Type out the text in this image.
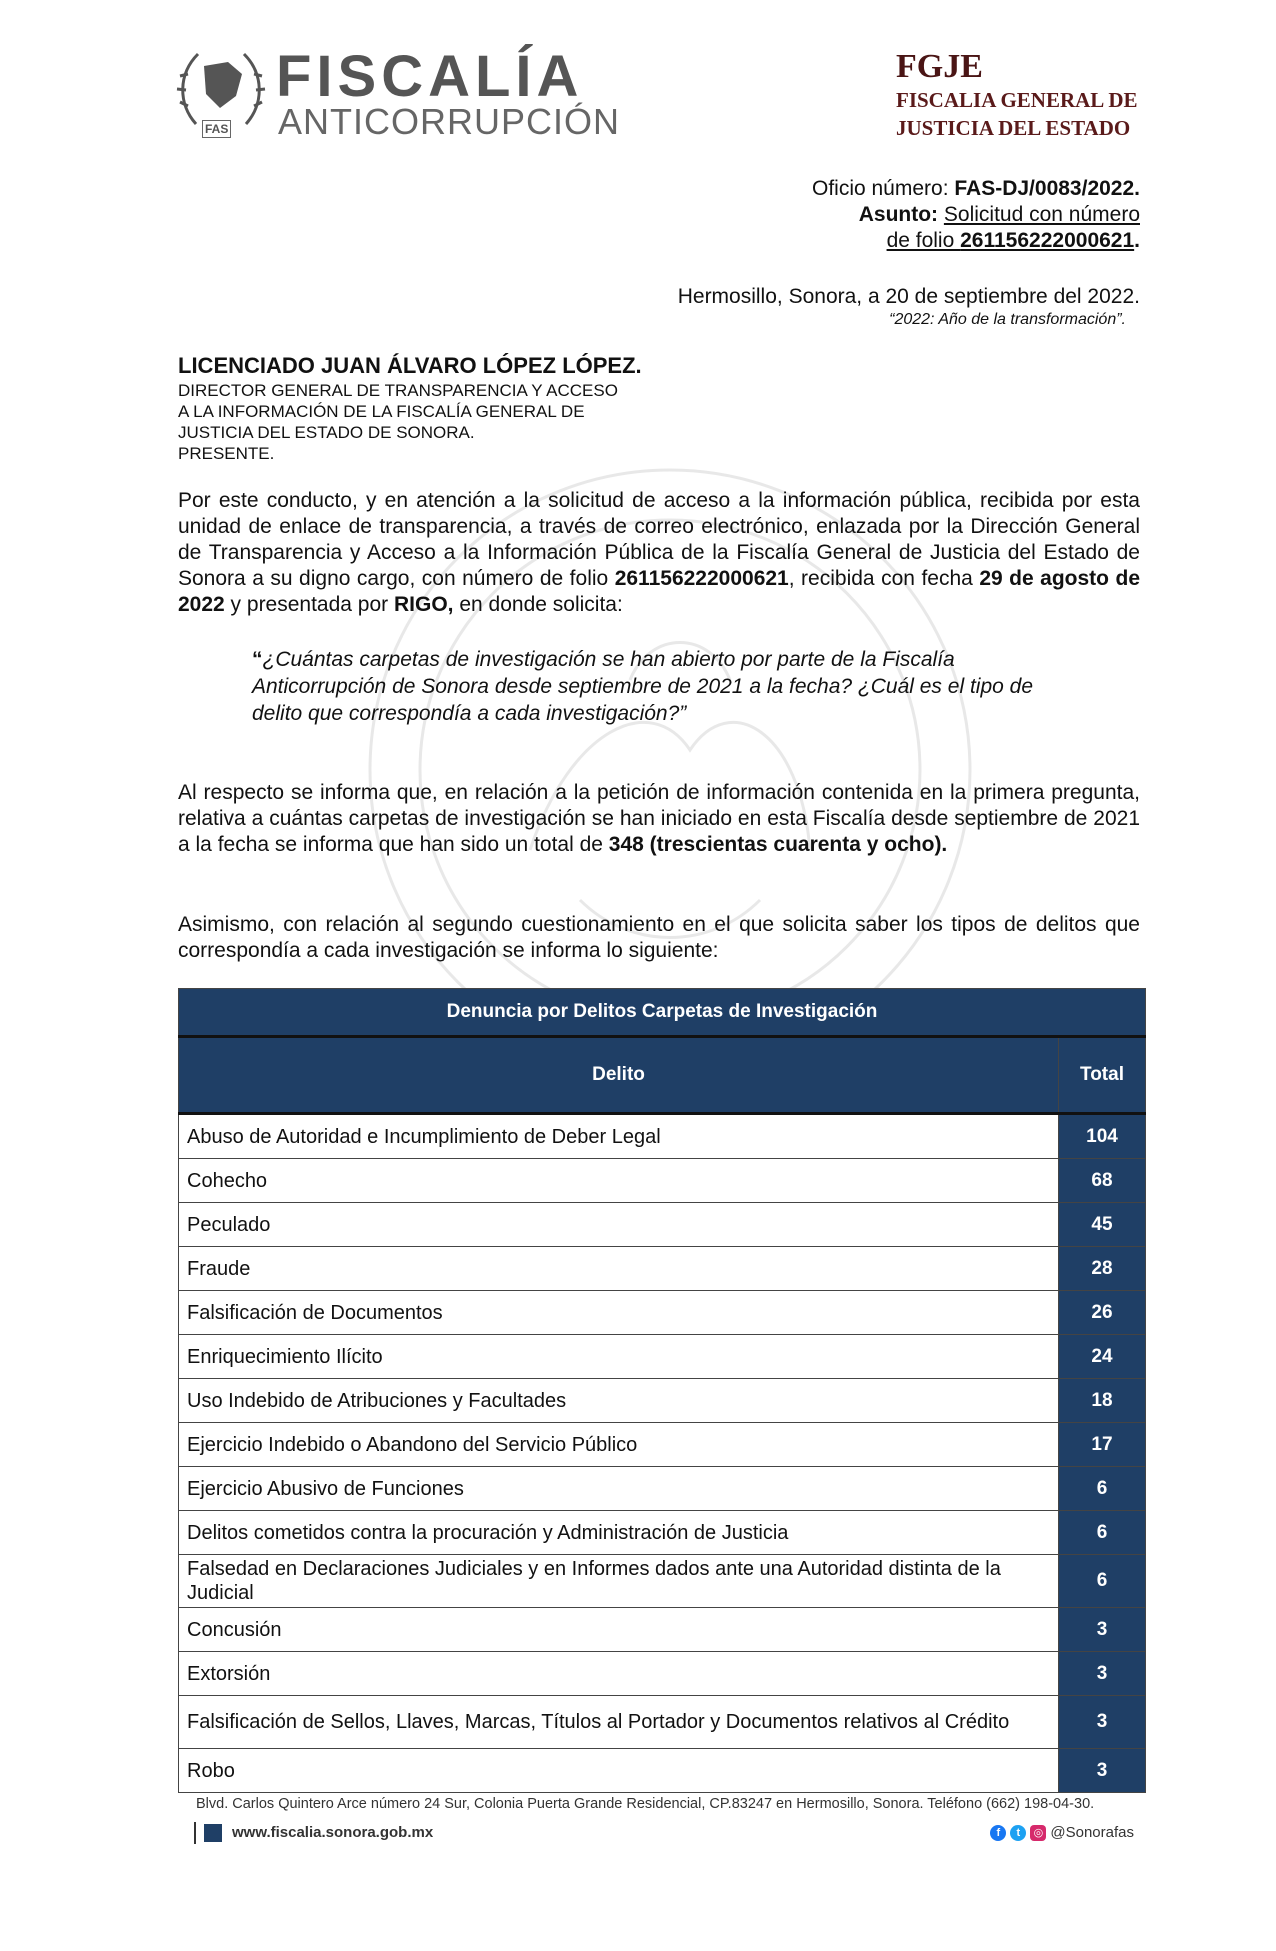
FAS
FISCALÍA
ANTICORRUPCIÓN
FGJE
FISCALIA GENERAL DE
JUSTICIA DEL ESTADO
Oficio número: FAS-DJ/0083/2022.
Asunto: Solicitud con número
de folio 261156222000621.
Hermosillo, Sonora, a 20 de septiembre del 2022.
“2022: Año de la transformación”.
LICENCIADO JUAN ÁLVARO LÓPEZ LÓPEZ.
DIRECTOR GENERAL DE TRANSPARENCIA Y ACCESO
A LA INFORMACIÓN DE LA FISCALÍA GENERAL DE
JUSTICIA DEL ESTADO DE SONORA.
PRESENTE.
Por este conducto, y en atención a la solicitud de acceso a la información pública, recibida por esta unidad de enlace de transparencia, a través de correo electrónico, enlazada por la Dirección General de Transparencia y Acceso a la Información Pública de la Fiscalía General de Justicia del Estado de Sonora a su digno cargo, con número de folio 261156222000621, recibida con fecha 29 de agosto de 2022 y presentada por RIGO, en donde solicita:
“¿Cuántas carpetas de investigación se han abierto por parte de la Fiscalía Anticorrupción de Sonora desde septiembre de 2021 a la fecha? ¿Cuál es el tipo de delito que correspondía a cada investigación?”
Al respecto se informa que, en relación a la petición de información contenida en la primera pregunta, relativa a cuántas carpetas de investigación se han iniciado en esta Fiscalía desde septiembre de 2021 a la fecha se informa que han sido un total de 348 (trescientas cuarenta y ocho).
Asimismo, con relación al segundo cuestionamiento en el que solicita saber los tipos de delitos que correspondía a cada investigación se informa lo siguiente:
Denuncia por Delitos Carpetas de Investigación	
Delito	Total
Abuso de Autoridad e Incumplimiento de Deber Legal	104
Cohecho	68
Peculado	45
Fraude	28
Falsificación de Documentos	26
Enriquecimiento Ilícito	24
Uso Indebido de Atribuciones y Facultades	18
Ejercicio Indebido o Abandono del Servicio Público	17
Ejercicio Abusivo de Funciones	6
Delitos cometidos contra la procuración y Administración de Justicia	6
Falsedad en Declaraciones Judiciales y en Informes dados ante una Autoridad distinta de la Judicial	6
Concusión	3
Extorsión	3
Falsificación de Sellos, Llaves, Marcas, Títulos al Portador y Documentos relativos al Crédito	3
Robo	3
Blvd. Carlos Quintero Arce número 24 Sur, Colonia Puerta Grande Residencial, CP.83247 en Hermosillo, Sonora. Teléfono (662) 198-04-30.
www.fiscalia.sonora.gob.mx	f t ◎ @Sonorafas
